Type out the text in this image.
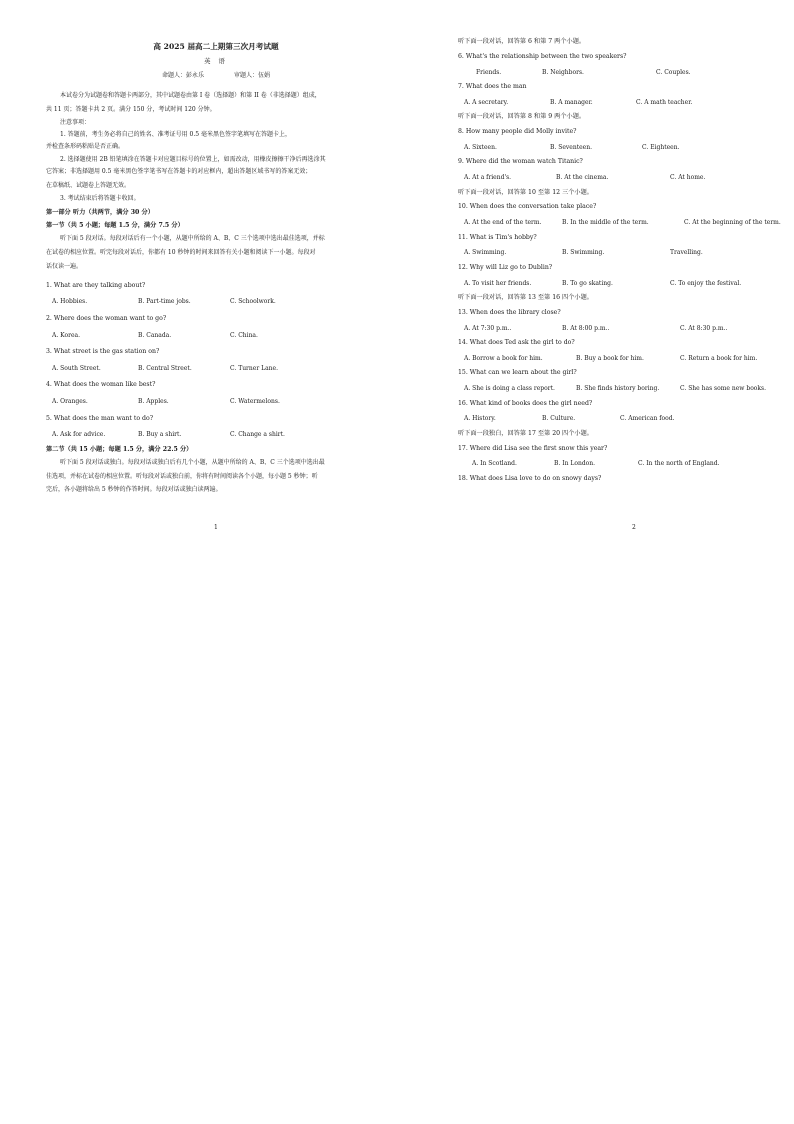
高 2025 届高二上期第三次月考试题
英 语
命题人：彭永乐	审题人：伍娟
本试卷分为试题卷和答题卡两部分，其中试题卷由第 I 卷（选择题）和第 II 卷（非选择题）组成，
共 11 页；答题卡共 2 页。满分 150 分，考试时间 120 分钟。
注意事项：
1. 答题前，考生务必将自己的姓名、准考证号用 0.5 毫米黑色签字笔填写在答题卡上，
并检查条形码粘贴是否正确。
2. 选择题使用 2B 铅笔填涂在答题卡对应题目标号的位置上，如需改动，用橡皮擦擦干净后再选涂其
它答案；非选择题用 0.5 毫米黑色签字笔书写在答题卡的对应框内，超出答题区域书写的答案无效；
在草稿纸、试题卷上答题无效。
3. 考试结束后将答题卡收回。
第一部分 听力（共两节，满分 30 分）
第一节（共 5 小题；每题 1.5 分，满分 7.5 分）
听下面 5 段对话。每段对话后有一个小题，从题中所给的 A、B、C 三个选项中选出最佳选项，并标
在试卷的相应位置。听完每段对话后，你都有 10 秒钟的时间来回答有关小题和阅读下一小题。每段对
话仅读一遍。
1. What are they talking about?
A. Hobbies.	B. Part-time jobs.	C. Schoolwork.
2. Where does the woman want to go?
A. Korea.	B. Canada.	C. China.
3. What street is the gas station on?
A. South Street.	B. Central Street.	C. Turner Lane.
4. What does the woman like best?
A. Oranges.	B. Apples.	C. Watermelons.
5. What does the man want to do?
A. Ask for advice.	B. Buy a shirt.	C. Change a shirt.
第二节（共 15 小题；每题 1.5 分，满分 22.5 分）
听下面 5 段对话或独白。每段对话或独白后有几个小题，从题中所给的 A、B、C 三个选项中选出最
佳选项，并标在试卷的相应位置。听每段对话或独白前，你将有时间阅读各个小题，每小题 5 秒钟；听
完后，各小题将给出 5 秒钟的作答时间。每段对话或独白读两遍。
1
听下面一段对话，回答第 6 和第 7 两个小题。
6. What's the relationship between the two speakers?
Friends.	B. Neighbors.	C. Couples.
7. What does the man
A. A secretary.	B. A manager.	C. A math teacher.
听下面一段对话，回答第 8 和第 9 两个小题。
8. How many people did Molly invite?
A. Sixteen.	B. Seventeen.	C. Eighteen.
9. Where did the woman watch Titanic?
A. At a friend's.	B. At the cinema.	C. At home.
听下面一段对话，回答第 10 至第 12 三个小题。
10. When does the conversation take place?
A. At the end of the term.	B. In the middle of the term.	C. At the beginning of the term.
11. What is Tim's hobby?
A. Swimming.	B. Swimming.	Travelling.
12. Why will Liz go to Dublin?
A. To visit her friends.	B. To go skating.	C. To enjoy the festival.
听下面一段对话，回答第 13 至第 16 四个小题。
13. When does the library close?
A. At 7:30 p.m..	B. At 8:00 p.m..	C. At 8:30 p.m..
14. What does Ted ask the girl to do?
A. Borrow a book for him.	B. Buy a book for him.	C. Return a book for him.
15. What can we learn about the girl?
A. She is doing a class report.	B. She finds history boring.	C. She has some new books.
16. What kind of books does the girl need?
A. History.	B. Culture.	C. American food.
听下面一段独白，回答第 17 至第 20 四个小题。
17. Where did Lisa see the first snow this year?
A. In Scotland.	B. In London.	C. In the north of England.
18. What does Lisa love to do on snowy days?
2
